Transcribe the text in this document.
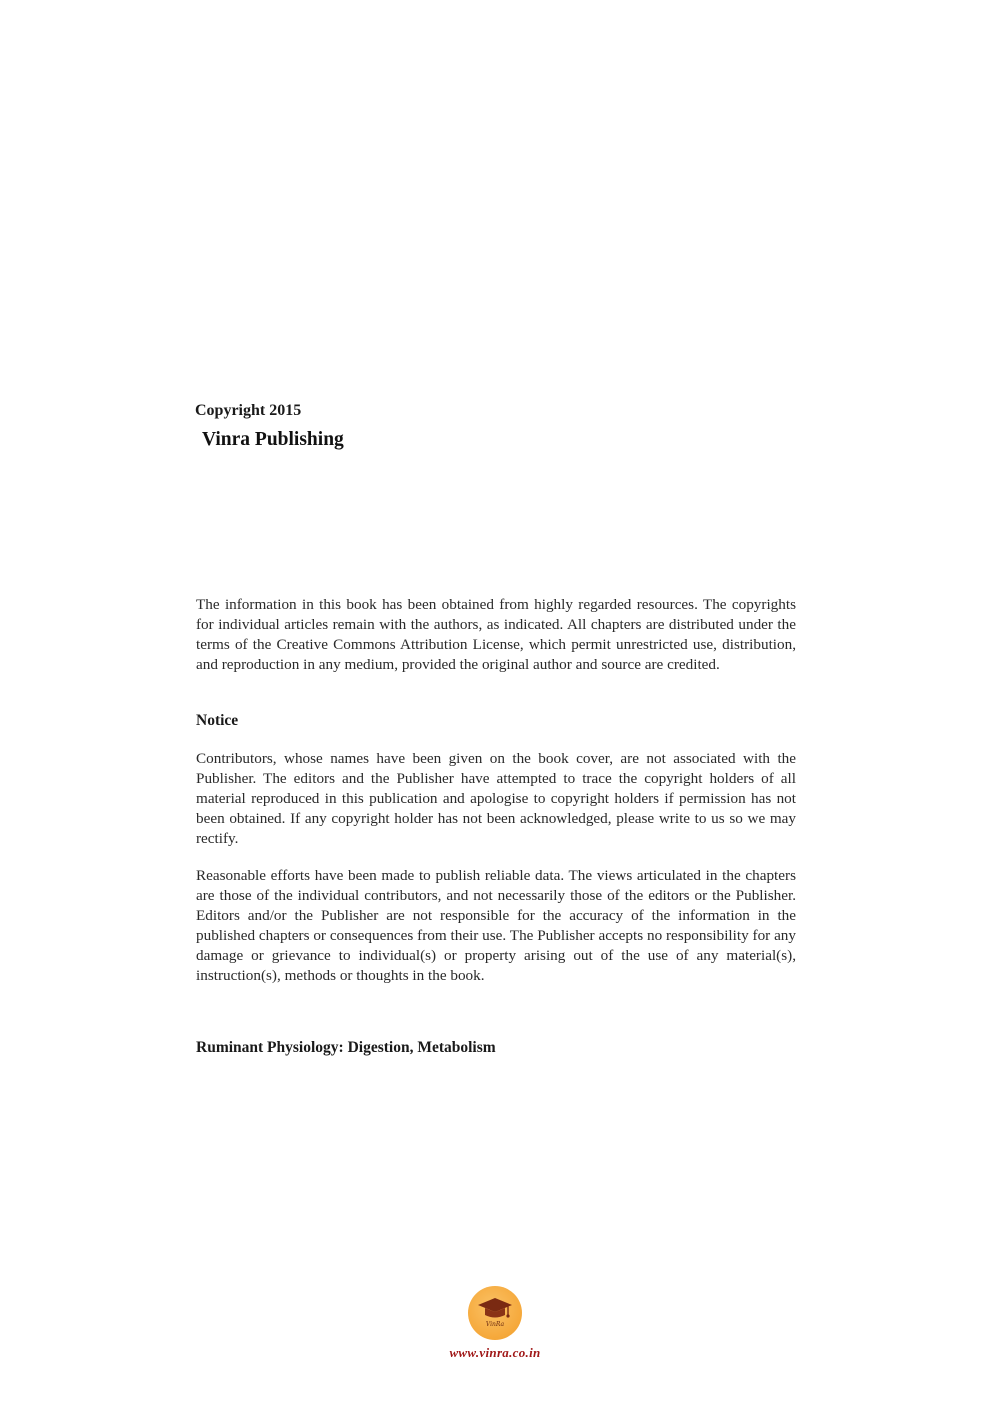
Copyright 2015
Vinra Publishing

The information in this book has been obtained from highly regarded resources. The copyrights for individual articles remain with the authors, as indicated. All chapters are distributed under the terms of the Creative Commons Attribution License, which permit unrestricted use, distribution, and reproduction in any medium, provided the original author and source are credited.

Notice

Contributors, whose names have been given on the book cover, are not associated with the Publisher. The editors and the Publisher have attempted to trace the copyright holders of all material reproduced in this publication and apologise to copyright holders if permission has not been obtained. If any copyright holder has not been acknowledged, please write to us so we may rectify.

Reasonable efforts have been made to publish reliable data. The views articulated in the chapters are those of the individual contributors, and not necessarily those of the editors or the Publisher. Editors and/or the Publisher are not responsible for the accuracy of the information in the published chapters or consequences from their use. The Publisher accepts no responsibility for any damage or grievance to individual(s) or property arising out of the use of any material(s), instruction(s), methods or thoughts in the book.

Ruminant Physiology: Digestion, Metabolism
VinRa
www.vinra.co.in
